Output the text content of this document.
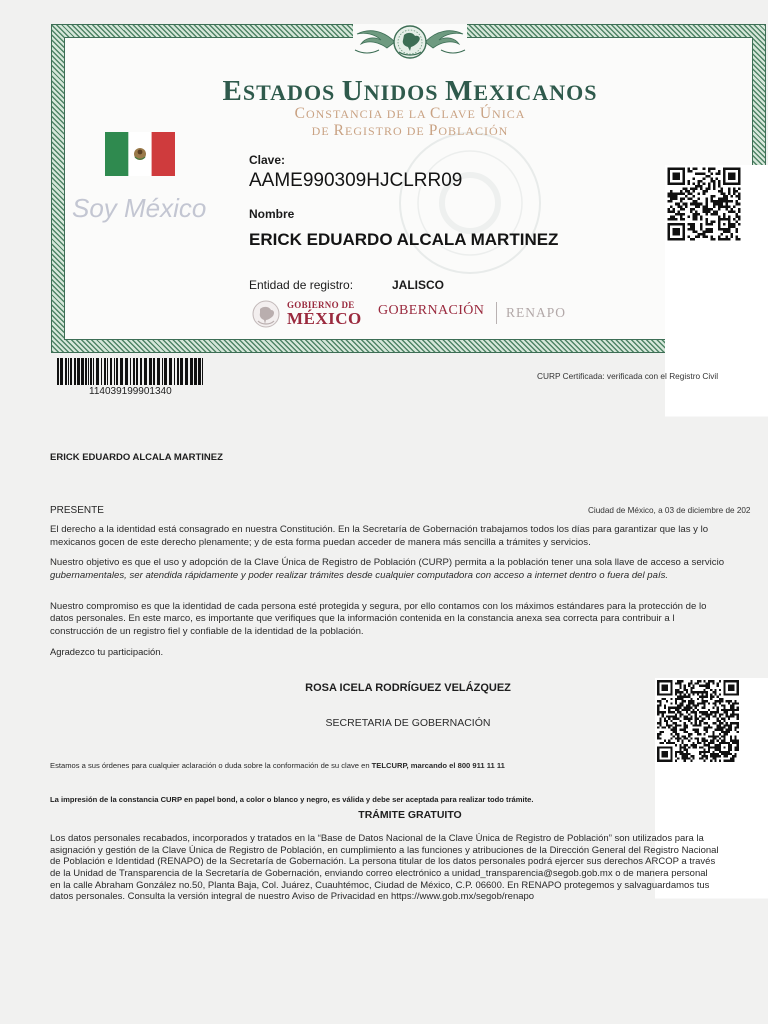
ESTADOS UNIDOS MEXICANOS
CONSTANCIA DE LA CLAVE ÚNICA
DE REGISTRO DE POBLACIÓN
Soy México
Clave:
AAME990309HJCLRR09
Nombre
ERICK EDUARDO ALCALA MARTINEZ
Entidad de registro:	JALISCO
GOBIERNO DE
MÉXICO GOBERNACIÓN RENAPO
114039199901340
CURP Certificada: verificada con el Registro Civil
ERICK EDUARDO ALCALA MARTINEZ
PRESENTE	Ciudad de México, a 03 de diciembre de 202
El derecho a la identidad está consagrado en nuestra Constitución. En la Secretaría de Gobernación trabajamos todos los días para garantizar que las y lo
mexicanos gocen de este derecho plenamente; y de esta forma puedan acceder de manera más sencilla a trámites y servicios.
Nuestro objetivo es que el uso y adopción de la Clave Única de Registro de Población (CURP) permita a la población tener una sola llave de acceso a servicio
gubernamentales, ser atendida rápidamente y poder realizar trámites desde cualquier computadora con acceso a internet dentro o fuera del país.
Nuestro compromiso es que la identidad de cada persona esté protegida y segura, por ello contamos con los máximos estándares para la protección de lo
datos personales. En este marco, es importante que verifiques que la información contenida en la constancia anexa sea correcta para contribuir a l
construcción de un registro fiel y confiable de la identidad de la población.
Agradezco tu participación.
ROSA ICELA RODRÍGUEZ VELÁZQUEZ
SECRETARIA DE GOBERNACIÓN
Estamos a sus órdenes para cualquier aclaración o duda sobre la conformación de su clave en TELCURP, marcando el 800 911 11 11
La impresión de la constancia CURP en papel bond, a color o blanco y negro, es válida y debe ser aceptada para realizar todo trámite.
TRÁMITE GRATUITO
Los datos personales recabados, incorporados y tratados en la “Base de Datos Nacional de la Clave Única de Registro de Población” son utilizados para la
asignación y gestión de la Clave Única de Registro de Población, en cumplimiento a las funciones y atribuciones de la Dirección General del Registro Nacional
de Población e Identidad (RENAPO) de la Secretaría de Gobernación. La persona titular de los datos personales podrá ejercer sus derechos ARCOP a través
de la Unidad de Transparencia de la Secretaría de Gobernación, enviando correo electrónico a unidad_transparencia@segob.gob.mx o de manera personal
en la calle Abraham González no.50, Planta Baja, Col. Juárez, Cuauhtémoc, Ciudad de México, C.P. 06600. En RENAPO protegemos y salvaguardamos tus
datos personales. Consulta la versión integral de nuestro Aviso de Privacidad en https://www.gob.mx/segob/renapo
